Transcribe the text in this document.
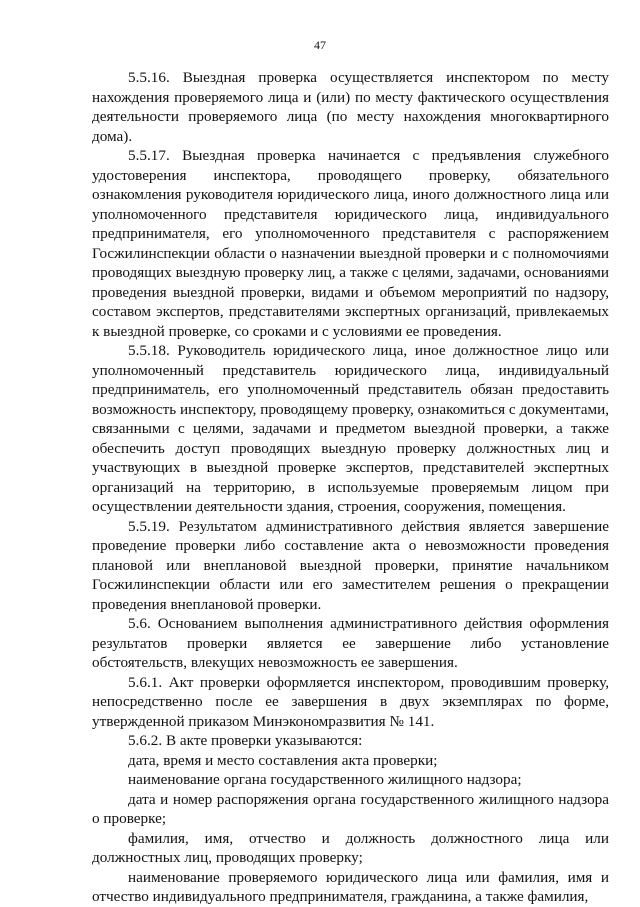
47

5.5.16. Выездная проверка осуществляется инспектором по месту нахождения проверяемого лица и (или) по месту фактического осуществления деятельности проверяемого лица (по месту нахождения многоквартирного дома).

5.5.17. Выездная проверка начинается с предъявления служебного удостоверения инспектора, проводящего проверку, обязательного ознакомления руководителя юридического лица, иного должностного лица или уполномоченного представителя юридического лица, индивидуального предпринимателя, его уполномоченного представителя с распоряжением Госжилинспекции области о назначении выездной проверки и с полномочиями проводящих выездную проверку лиц, а также с целями, задачами, основаниями проведения выездной проверки, видами и объемом мероприятий по надзору, составом экспертов, представителями экспертных организаций, привлекаемых к выездной проверке, со сроками и с условиями ее проведения.

5.5.18. Руководитель юридического лица, иное должностное лицо или уполномоченный представитель юридического лица, индивидуальный предприниматель, его уполномоченный представитель обязан предоставить возможность инспектору, проводящему проверку, ознакомиться с документами, связанными с целями, задачами и предметом выездной проверки, а также обеспечить доступ проводящих выездную проверку должностных лиц и участвующих в выездной проверке экспертов, представителей экспертных организаций на территорию, в используемые проверяемым лицом при осуществлении деятельности здания, строения, сооружения, помещения.

5.5.19. Результатом административного действия является завершение проведение проверки либо составление акта о невозможности проведения плановой или внеплановой выездной проверки, принятие начальником Госжилинспекции области или его заместителем решения о прекращении проведения внеплановой проверки.

5.6. Основанием выполнения административного действия оформления результатов проверки является ее завершение либо установление обстоятельств, влекущих невозможность ее завершения.

5.6.1. Акт проверки оформляется инспектором, проводившим проверку, непосредственно после ее завершения в двух экземплярах по форме, утвержденной приказом Минэкономразвития № 141.

5.6.2. В акте проверки указываются:

дата, время и место составления акта проверки;

наименование органа государственного жилищного надзора;

дата и номер распоряжения органа государственного жилищного надзора о проверке;

фамилия, имя, отчество и должность должностного лица или должностных лиц, проводящих проверку;

наименование проверяемого юридического лица или фамилия, имя и отчество индивидуального предпринимателя, гражданина, а также фамилия,
